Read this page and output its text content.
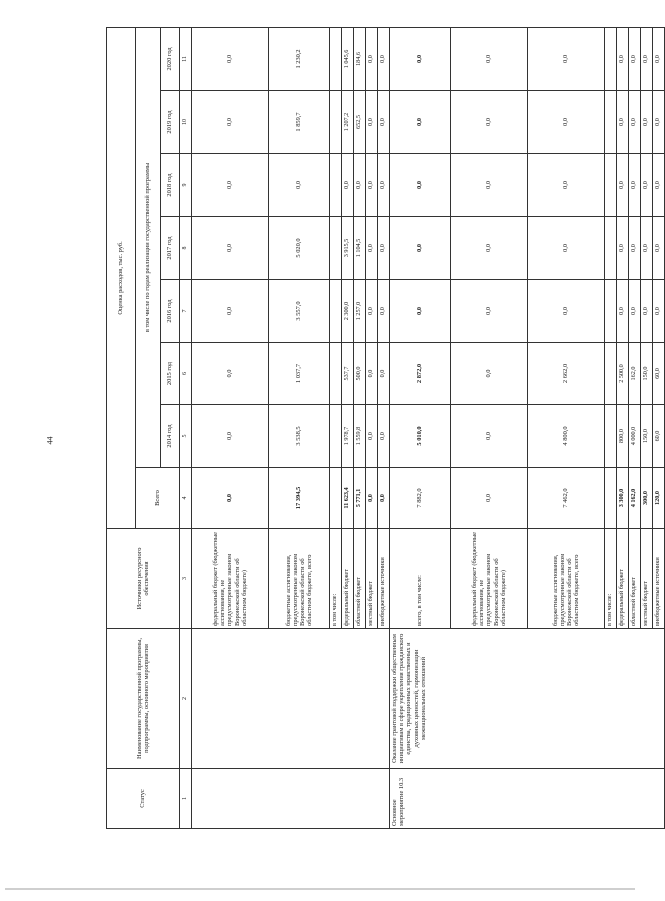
44
Статус	Наименование государственной программы, подпрограммы, основного мероприятия	Источники ресурсного обеспечения	Оценка расходов, тыс. руб.							
			Всего	в том числе по годам реализации государственной программы						
				2014 год	2015 год	2016 год	2017 год	2018 год	2019 год	2020 год
1	2	3	4	5	6	7	8	9	10	11
		федеральный бюджет (бюджетные ассигнования, не предусмотренные законом Воронежской области об областном бюджете)	0,0	0,0	0,0	0,0	0,0	0,0	0,0	0,0
		бюджетные ассигнования, предусмотренные законом Воронежской области об областном бюджете, всего	17 394,5	3 538,5	1 037,7	3 557,0	5 020,0	0,0	1 859,7	1 230,2
		в том числе:								
		федеральный бюджет	11 623,4	1 978,7	537,7	2 300,0	3 915,5	0,0	1 207,2	1 045,6
		областной бюджет	5 771,1	1 559,8	500,0	1 257,0	1 104,5	0,0	652,5	184,6
		местный бюджет	0,0	0,0	0,0	0,0	0,0	0,0	0,0	0,0
		внебюджетные источники	0,0	0,0	0,0	0,0	0,0	0,0	0,0	0,0
Основное мероприятие 10.3	Оказание грантовой поддержки общественным инициативам в сфере укрепления гражданского единства, традиционных нравственных и духовных ценностей, гармонизации межнациональных отношений	всего, в том числе:	7 882,0	5 010,0	2 872,0	0,0	0,0	0,0	0,0	0,0
		федеральный бюджет (бюджетные ассигнования, не предусмотренные законом Воронежской области об областном бюджете)	0,0	0,0	0,0	0,0	0,0	0,0	0,0	0,0
		бюджетные ассигнования, предусмотренные законом Воронежской области об областном бюджете, всего	7 462,0	4 800,0	2 662,0	0,0	0,0	0,0	0,0	0,0
		в том числе:								
		федеральный бюджет	3 300,0	800,0	2 500,0	0,0	0,0	0,0	0,0	0,0
		областной бюджет	4 162,0	4 000,0	162,0	0,0	0,0	0,0	0,0	0,0
		местный бюджет	300,0	150,0	150,0	0,0	0,0	0,0	0,0	0,0
		внебюджетные источники	120,0	60,0	60,0	0,0	0,0	0,0	0,0	0,0
